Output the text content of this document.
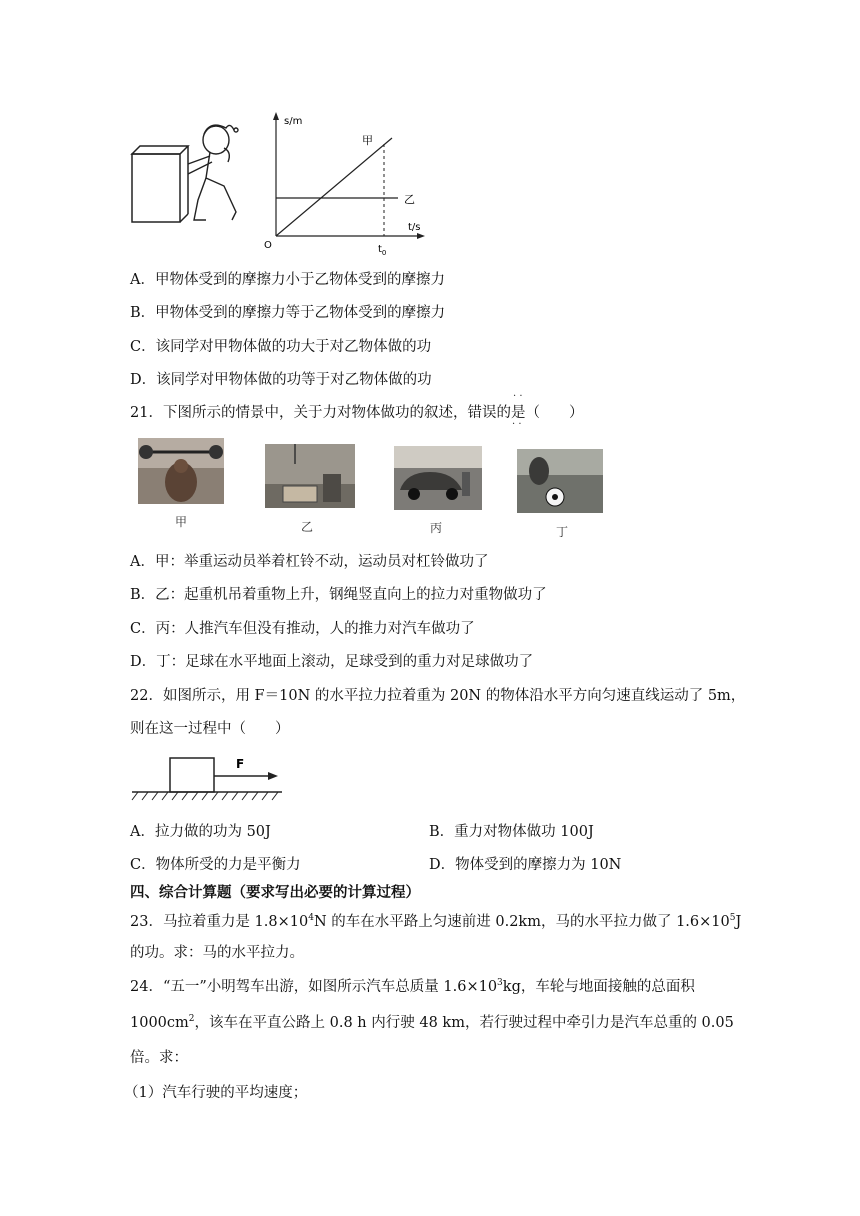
s/m
t/s
O
甲
乙
$t_0$
A．甲物体受到的摩擦力小于乙物体受到的摩擦力
B．甲物体受到的摩擦力等于乙物体受到的摩擦力
C．该同学对甲物体做的功大于对乙物体做的功
D．该同学对甲物体做的功等于对乙物体做的功
21．下图所示的情景中，关于力对物体做功的叙述，错误的是（　　）
· ·
· ·
甲	乙	丙	丁
A．甲：举重运动员举着杠铃不动，运动员对杠铃做功了
B．乙：起重机吊着重物上升，钢绳竖直向上的拉力对重物做功了
C．丙：人推汽车但没有推动，人的推力对汽车做功了
D．丁：足球在水平地面上滚动，足球受到的重力对足球做功了
22．如图所示，用 F＝10N 的水平拉力拉着重为 20N 的物体沿水平方向匀速直线运动了 5m，
则在这一过程中（　　）
F
A．拉力做的功为 50J	B．重力对物体做功 100J
C．物体所受的力是平衡力	D．物体受到的摩擦力为 10N
四、综合计算题（要求写出必要的计算过程）
23．马拉着重力是 $1.8\times 10^4N$ 的车在水平路上匀速前进 0.2km，马的水平拉力做了 $1.6\times 10^5J$
的功。求：马的水平拉力。
24．“五一”小明驾车出游，如图所示汽车总质量 $1.6\times 10^3kg$，车轮与地面接触的总面积
$1000cm^2$，该车在平直公路上 0.8 h 内行驶 48 km，若行驶过程中牵引力是汽车总重的 0.05
倍。求：
（1）汽车行驶的平均速度；
